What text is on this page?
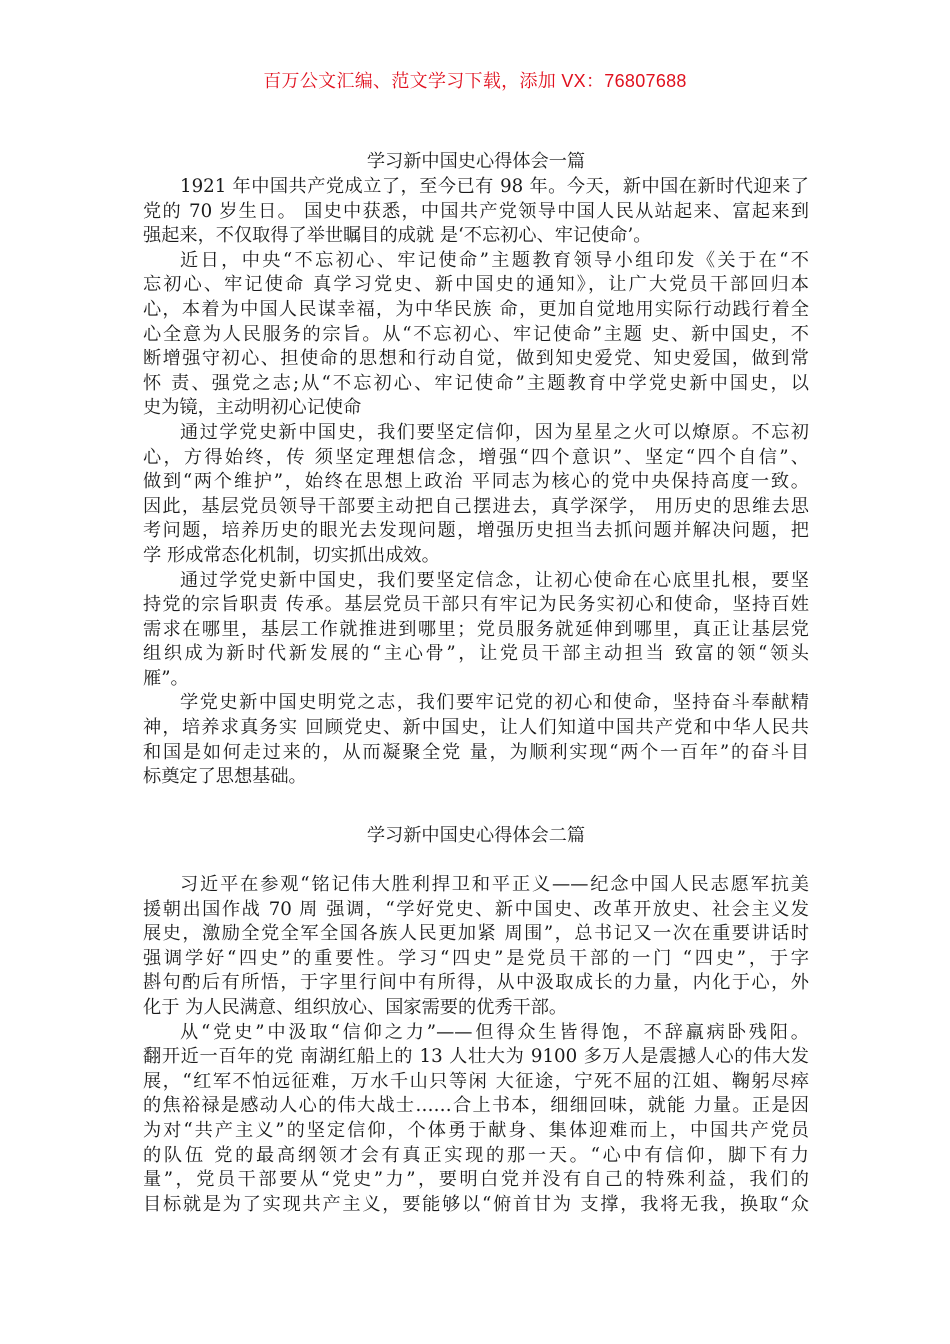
百万公文汇编、范文学习下载，添加 VX：76807688
学习新中国史心得体会一篇
1921 年中国共产党成立了，至今已有 98 年。今天，新中国在新时代迎来了
党的 70 岁生日。 国史中获悉，中国共产党领导中国人民从站起来、富起来到
强起来，不仅取得了举世瞩目的成就 是‘不忘初心、牢记使命’。
近日，中央“不忘初心、牢记使命”主题教育领导小组印发《关于在“不
忘初心、牢记使命 真学习党史、新中国史的通知》，让广大党员干部回归本
心，本着为中国人民谋幸福，为中华民族 命，更加自觉地用实际行动践行着全
心全意为人民服务的宗旨。从“不忘初心、牢记使命”主题 史、新中国史，不
断增强守初心、担使命的思想和行动自觉，做到知史爱党、知史爱国，做到常
怀 责、强党之志;从“不忘初心、牢记使命”主题教育中学党史新中国史，以
史为镜，主动明初心记使命
通过学党史新中国史，我们要坚定信仰，因为星星之火可以燎原。不忘初
心，方得始终，传 须坚定理想信念，增强“四个意识”、坚定“四个自信”、
做到“两个维护”，始终在思想上政治 平同志为核心的党中央保持高度一致。
因此，基层党员领导干部要主动把自己摆进去，真学深学， 用历史的思维去思
考问题，培养历史的眼光去发现问题，增强历史担当去抓问题并解决问题，把
学 形成常态化机制，切实抓出成效。
通过学党史新中国史，我们要坚定信念，让初心使命在心底里扎根，要坚
持党的宗旨职责 传承。基层党员干部只有牢记为民务实初心和使命，坚持百姓
需求在哪里，基层工作就推进到哪里；党员服务就延伸到哪里，真正让基层党
组织成为新时代新发展的“主心骨”，让党员干部主动担当 致富的领“领头
雁”。
学党史新中国史明党之志，我们要牢记党的初心和使命，坚持奋斗奉献精
神，培养求真务实 回顾党史、新中国史，让人们知道中国共产党和中华人民共
和国是如何走过来的，从而凝聚全党 量，为顺利实现“两个一百年”的奋斗目
标奠定了思想基础。
学习新中国史心得体会二篇
习近平在参观“铭记伟大胜利捍卫和平正义——纪念中国人民志愿军抗美
援朝出国作战 70 周 强调，“学好党史、新中国史、改革开放史、社会主义发
展史，激励全党全军全国各族人民更加紧 周围”，总书记又一次在重要讲话时
强调学好“四史”的重要性。学习“四史”是党员干部的一门 “四史”，于字
斟句酌后有所悟，于字里行间中有所得，从中汲取成长的力量，内化于心，外
化于 为人民满意、组织放心、国家需要的优秀干部。
从“党史”中汲取“信仰之力”——但得众生皆得饱，不辞羸病卧残阳。
翻开近一百年的党 南湖红船上的 13 人壮大为 9100 多万人是震撼人心的伟大发
展，“红军不怕远征难，万水千山只等闲 大征途，宁死不屈的江姐、鞠躬尽瘁
的焦裕禄是感动人心的伟大战士……合上书本，细细回味，就能 力量。正是因
为对“共产主义”的坚定信仰，个体勇于献身、集体迎难而上，中国共产党员
的队伍 党的最高纲领才会有真正实现的那一天。“心中有信仰，脚下有力
量”，党员干部要从“党史”力”，要明白党并没有自己的特殊利益，我们的
目标就是为了实现共产主义，要能够以“俯首甘为 支撑，我将无我，换取“众
